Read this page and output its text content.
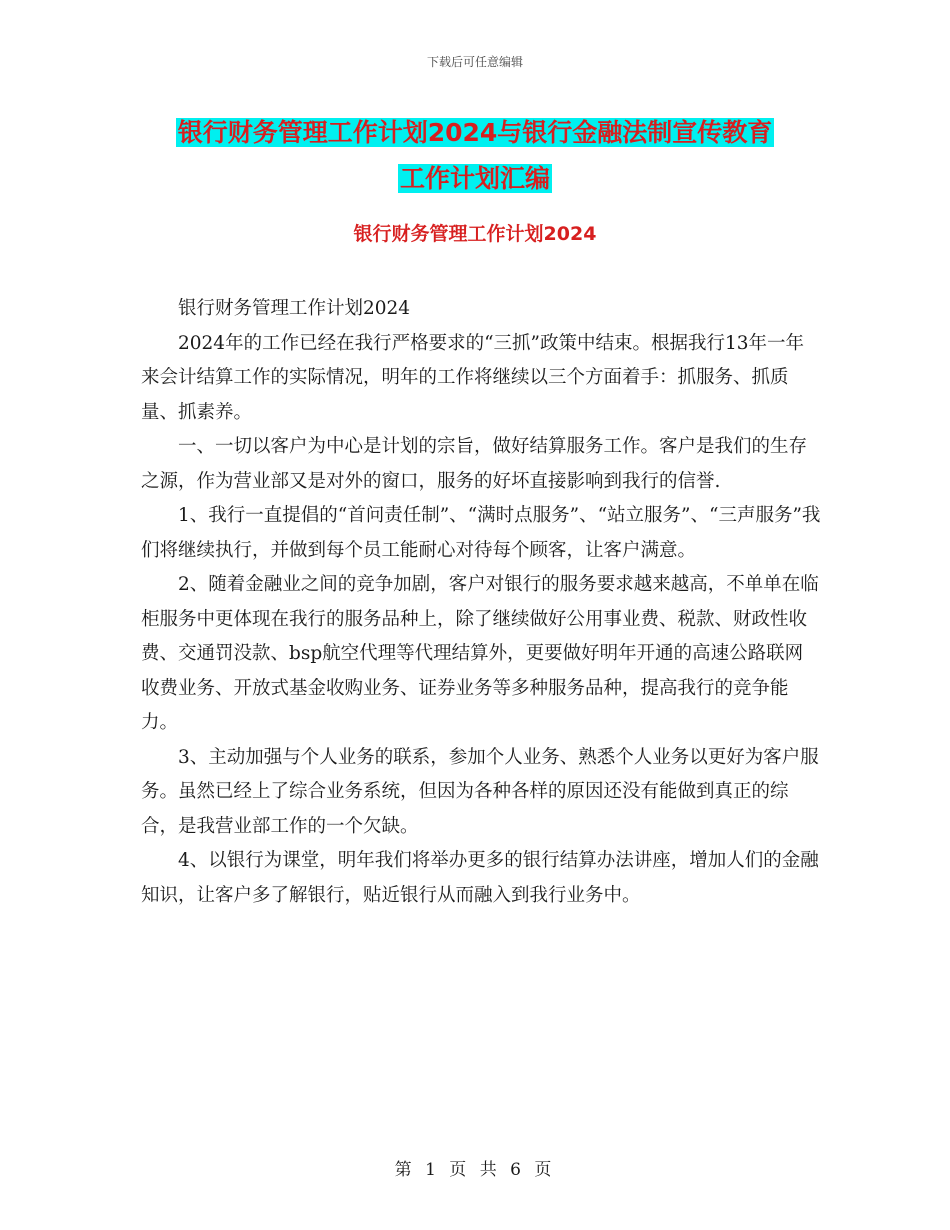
下载后可任意编辑
银行财务管理工作计划2024与银行金融法制宣传教育
工作计划汇编
银行财务管理工作计划2024

银行财务管理工作计划2024

2024年的工作已经在我行严格要求的“三抓”政策中结束。根据我行13年一年来会计结算工作的实际情况，明年的工作将继续以三个方面着手：抓服务、抓质量、抓素养。

一、一切以客户为中心是计划的宗旨，做好结算服务工作。客户是我们的生存之源，作为营业部又是对外的窗口，服务的好坏直接影响到我行的信誉.

1、我行一直提倡的“首问责任制”、“满时点服务”、“站立服务”、“三声服务”我们将继续执行，并做到每个员工能耐心对待每个顾客，让客户满意。

2、随着金融业之间的竞争加剧，客户对银行的服务要求越来越高，不单单在临柜服务中更体现在我行的服务品种上，除了继续做好公用事业费、税款、财政性收费、交通罚没款、bsp航空代理等代理结算外，更要做好明年开通的高速公路联网收费业务、开放式基金收购业务、证券业务等多种服务品种，提高我行的竞争能力。

3、主动加强与个人业务的联系，参加个人业务、熟悉个人业务以更好为客户服务。虽然已经上了综合业务系统，但因为各种各样的原因还没有能做到真正的综合，是我营业部工作的一个欠缺。

4、以银行为课堂，明年我们将举办更多的银行结算办法讲座，增加人们的金融知识，让客户多了解银行，贴近银行从而融入到我行业务中。

第 1 页 共 6 页
